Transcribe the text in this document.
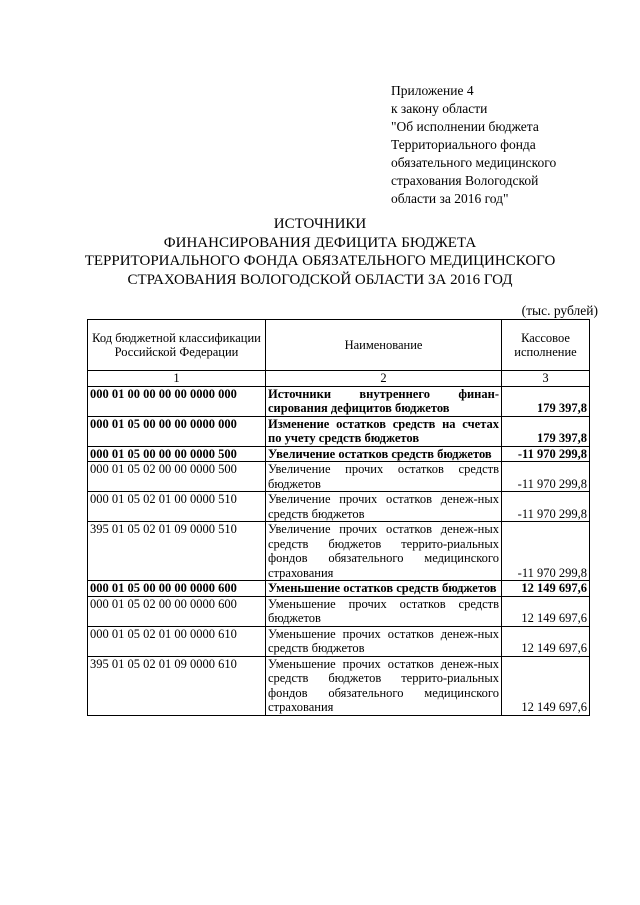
Приложение 4
к закону области
"Об исполнении бюджета
Территориального фонда
обязательного медицинского
страхования Вологодской
области за 2016 год"
ИСТОЧНИКИ
ФИНАНСИРОВАНИЯ ДЕФИЦИТА БЮДЖЕТА
ТЕРРИТОРИАЛЬНОГО ФОНДА ОБЯЗАТЕЛЬНОГО МЕДИЦИНСКОГО
СТРАХОВАНИЯ ВОЛОГОДСКОЙ ОБЛАСТИ ЗА 2016 ГОД
(тыс. рублей)
Код бюджетной классификации Российской Федерации	Наименование	Кассовое исполнение
1	2	3
000 01 00 00 00 00 0000 000	Источники внутреннего финан-сирования дефицитов бюджетов	179 397,8
000 01 05 00 00 00 0000 000	Изменение остатков средств на счетах по учету средств бюджетов	179 397,8
000 01 05 00 00 00 0000 500	Увеличение остатков средств бюджетов	-11 970 299,8
000 01 05 02 00 00 0000 500	Увеличение прочих остатков средств бюджетов	-11 970 299,8
000 01 05 02 01 00 0000 510	Увеличение прочих остатков денеж-ных средств бюджетов	-11 970 299,8
395 01 05 02 01 09 0000 510	Увеличение прочих остатков денеж-ных средств бюджетов террито-риальных фондов обязательного медицинского страхования	-11 970 299,8
000 01 05 00 00 00 0000 600	Уменьшение остатков средств бюджетов	12 149 697,6
000 01 05 02 00 00 0000 600	Уменьшение прочих остатков средств бюджетов	12 149 697,6
000 01 05 02 01 00 0000 610	Уменьшение прочих остатков денеж-ных средств бюджетов	12 149 697,6
395 01 05 02 01 09 0000 610	Уменьшение прочих остатков денеж-ных средств бюджетов террито-риальных фондов обязательного медицинского страхования	12 149 697,6
